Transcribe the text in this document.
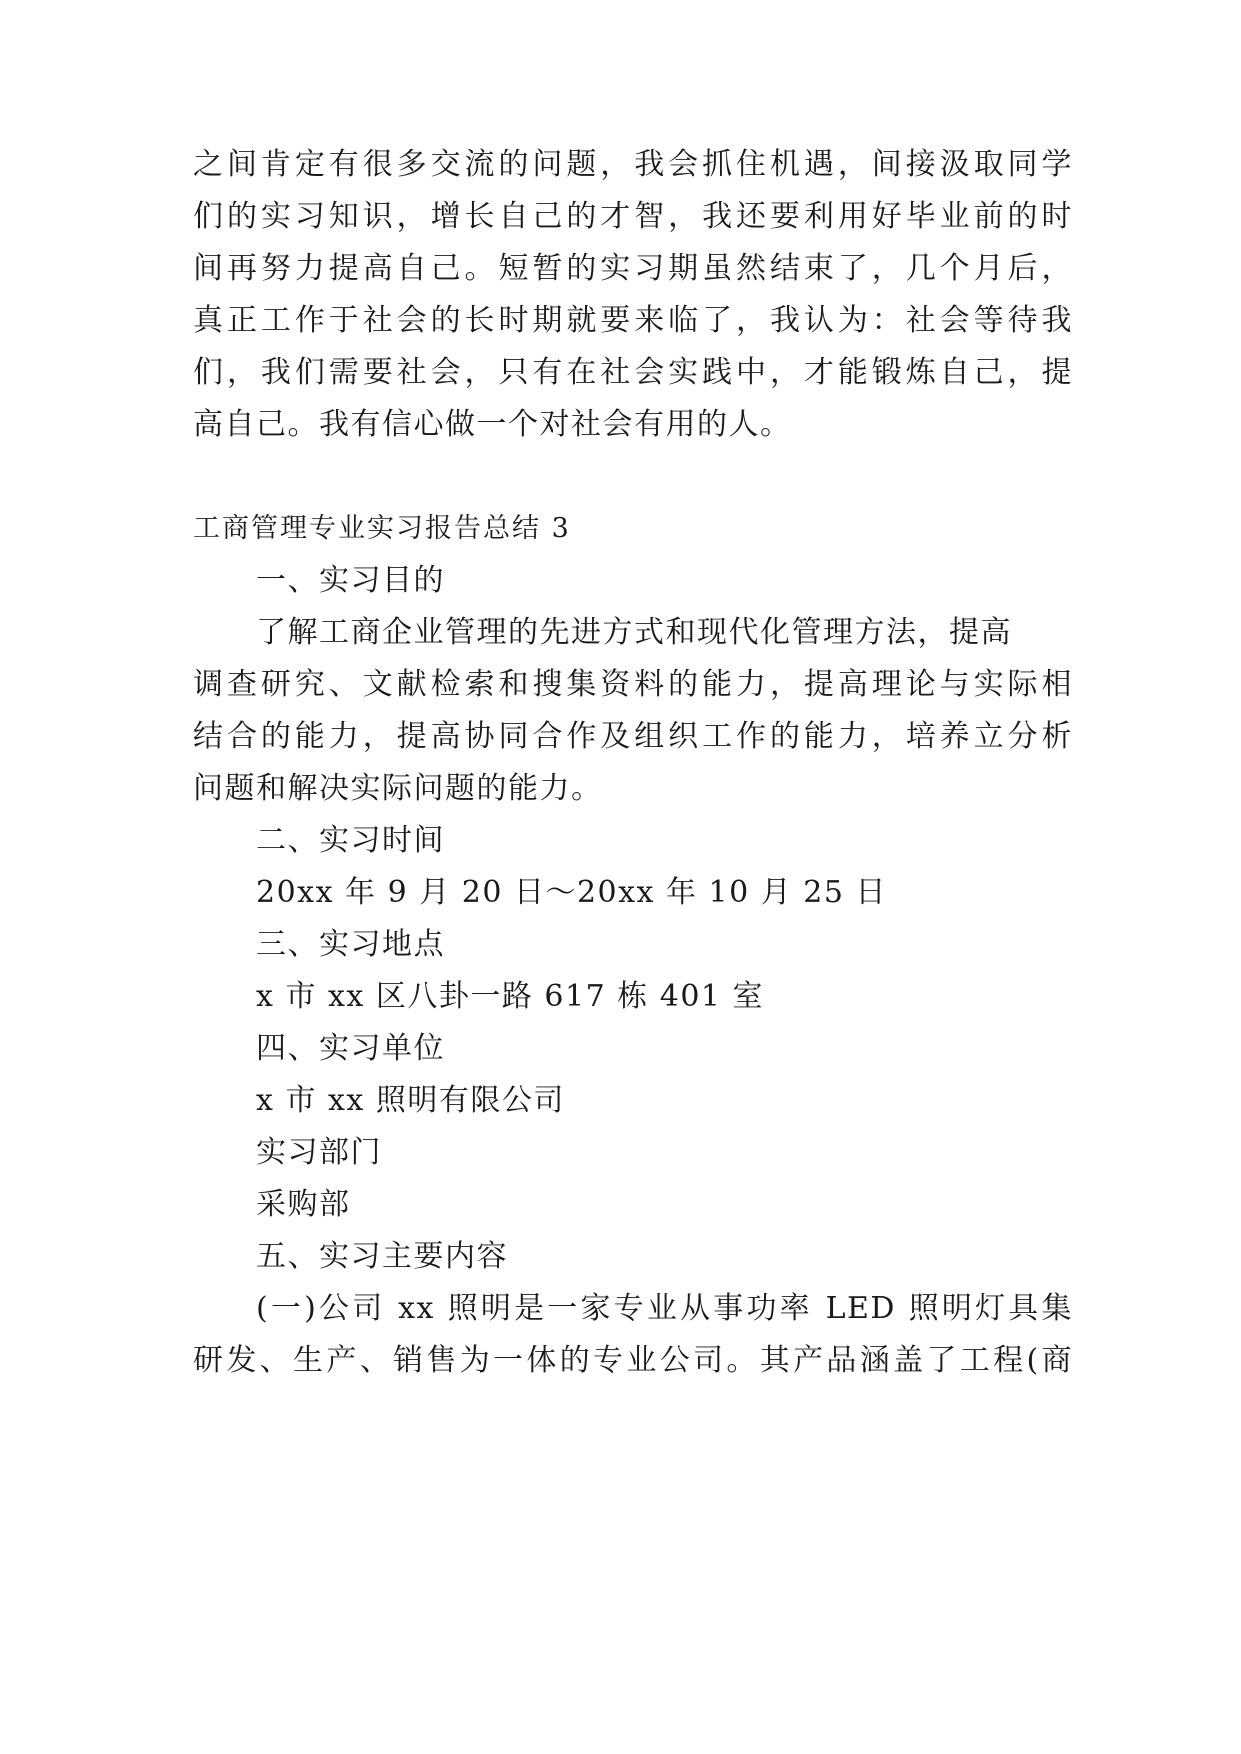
之间肯定有很多交流的问题，我会抓住机遇，间接汲取同学
们的实习知识，增长自己的才智，我还要利用好毕业前的时
间再努力提高自己。短暂的实习期虽然结束了，几个月后，
真正工作于社会的长时期就要来临了，我认为：社会等待我
们，我们需要社会，只有在社会实践中，才能锻炼自己，提
高自己。我有信心做一个对社会有用的人。
工商管理专业实习报告总结 3
一、实习目的
了解工商企业管理的先进方式和现代化管理方法，提高
调查研究、文献检索和搜集资料的能力，提高理论与实际相
结合的能力，提高协同合作及组织工作的能力，培养立分析
问题和解决实际问题的能力。
二、实习时间
20xx 年 9 月 20 日～20xx 年 10 月 25 日
三、实习地点
x 市 xx 区八卦一路 617 栋 401 室
四、实习单位
x 市 xx 照明有限公司
实习部门
采购部
五、实习主要内容
(一)公司 xx 照明是一家专业从事功率 LED 照明灯具集
研发、生产、销售为一体的专业公司。其产品涵盖了工程(商
